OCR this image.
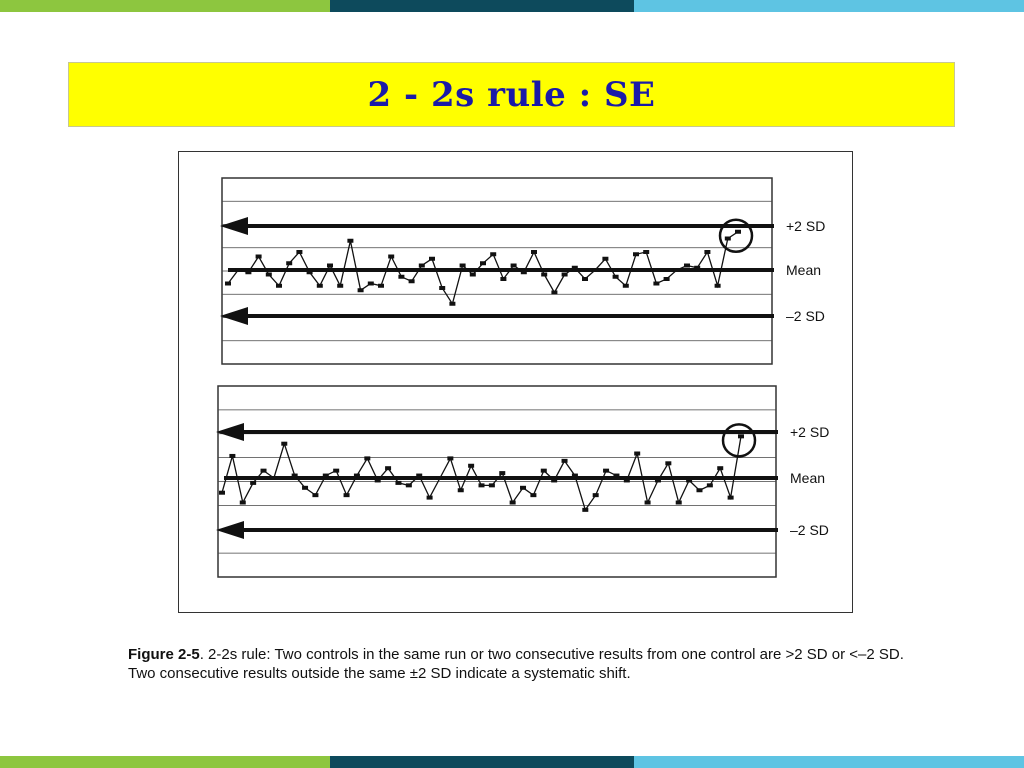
2 - 2s rule : SE
+2 SD
Mean
–2 SD
+2 SD
Mean
–2 SD
Figure 2-5. 2-2s rule: Two controls in the same run or two consecutive results from one control are >2 SD or <–2 SD. Two consecutive results outside the same ±2 SD indicate a systematic shift.
